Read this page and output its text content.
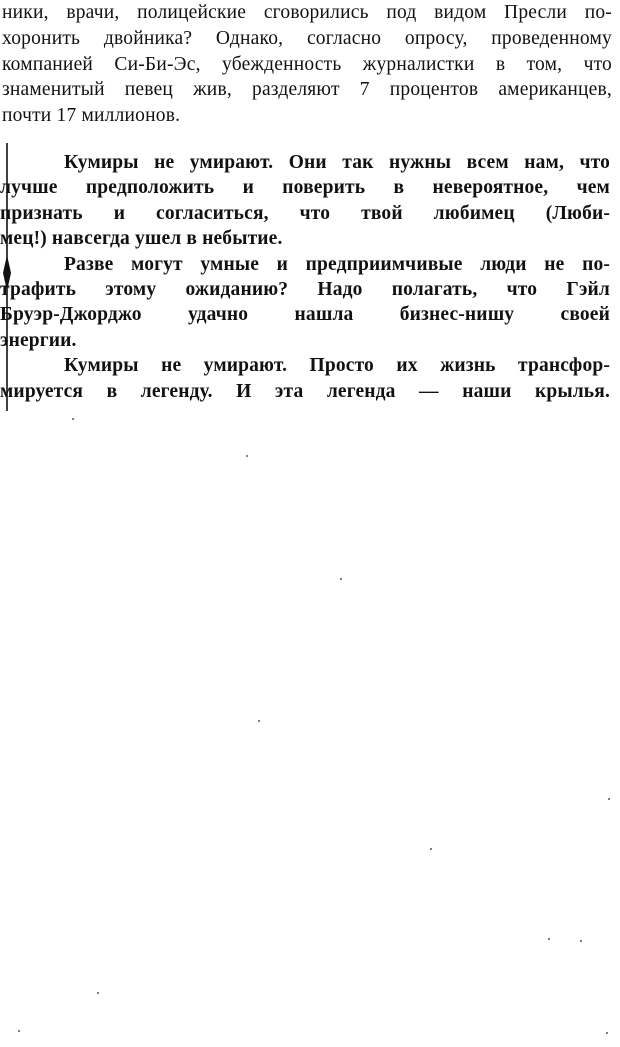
ники, врачи, полицейские сговорились под видом Пресли по-
хоронить двойника? Однако, согласно опросу, проведенному
компанией Си-Би-Эс, убежденность журналистки в том, что
знаменитый певец жив, разделяют 7 процентов американцев,
почти 17 миллионов.
Кумиры не умирают. Они так нужны всем нам, что
лучше предположить и поверить в невероятное, чем
признать и согласиться, что твой любимец (Люби-
мец!) навсегда ушел в небытие.
Разве могут умные и предприимчивые люди не по-
трафить этому ожиданию? Надо полагать, что Гэйл
Бруэр-Джорджо удачно нашла бизнес-нишу своей
энергии.
Кумиры не умирают. Просто их жизнь трансфор-
мируется в легенду. И эта легенда — наши крылья.
